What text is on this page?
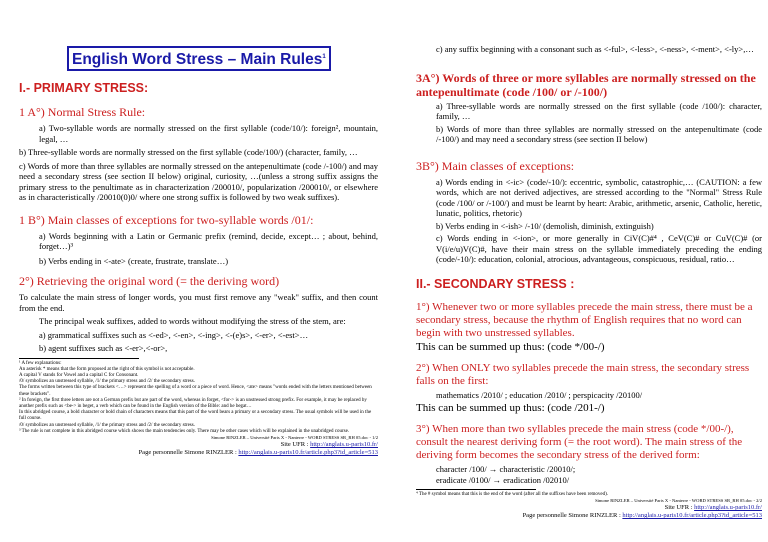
English Word Stress – Main Rules$^1$
I.- PRIMARY STRESS:
1 A°) Normal Stress Rule:

a) Two-syllable words are normally stressed on the first syllable (code/10/): foreign², mountain, legal, …

b) Three-syllable words are normally stressed on the first syllable (code/100/) (character, family, …

c) Words of more than three syllables are normally stressed on the antepenultimate (code /-100/) and may need a secondary stress (see section II below) original, curiosity, …(unless a strong suffix assigns the primary stress to the penultimate as in characterization /200010/, popularization /200010/, or elsewhere as in characteristically /20010(0)0/ where one strong suffix is followed by two weak suffixes).

1 B°) Main classes of exceptions for two-syllable words /01/:

a) Words beginning with a Latin or Germanic prefix (remind, decide, except… ; about, behind, forget…)³

b) Verbs ending in <-ate> (create, frustrate, translate…)

2°) Retrieving the original word (= the deriving word)

To calculate the main stress of longer words, you must first remove any "weak" suffix, and then count from the end.

The principal weak suffixes, added to words without modifying the stress of the stem, are:

a) grammatical suffixes such as <-ed>, <-en>, <-ing>, <-(e)s>, <-er>, <-est>…

b) agent suffixes such as <-er>,<-or>,

¹ A few explanations:

An asterisk * means that the form proposed at the right of this symbol is not acceptable.

A capital V stands for Vowel and a capital C for Consonant.

/0/ symbolizes an unstressed syllable, /1/ the primary stress and /2/ the secondary stress.

The forms written between this type of brackets <…> represent the spelling of a word or a piece of word. Hence, <ate> means "words ended with the letters mentioned between these brackets".

² In foreign, the first three letters are not a German prefix but are part of the word, whereas in forget, <for-> is an unstressed strong prefix. For example, it may be replaced by another prefix such as <be-> in beget, a verb which can be found in the English version of the Bible: and he begat…

In this abridged course, a bold character or bold chain of characters means that this part of the word bears a primary or a secondary stress. The usual symbols will be used in the full course.

/0/ symbolizes an unstressed syllable, /1/ the primary stress and /2/ the secondary stress.

³ The rule is not complete in this abridged course which shows the main tendencies only. There may be other cases which will be explained in the unabridged course.

Simone RINZLER – Université Paris X - Nanterre - WORD STRESS SR_RH 05.doc - 1/2
Site UFR : http://anglais.u-paris10.fr/
Page personnelle Simone RINZLER : http://anglais.u-paris10.fr/article.php3?id_article=513

c) any suffix beginning with a consonant such as <-ful>, <-less>, <-ness>, <-ment>, <-ly>,…

3A°) Words of three or more syllables are normally stressed on the antepenultimate (code /100/ or /-100/)

a) Three-syllable words are normally stressed on the first syllable (code /100/): character, family, …

b) Words of more than three syllables are normally stressed on the antepenultimate (code /-100/) and may need a secondary stress (see section II below)

3B°) Main classes of exceptions:

a) Words ending in <-ic> (code/-10/): eccentric, symbolic, catastrophic,… (CAUTION: a few words, which are not derived adjectives, are stressed according to the "Normal" Stress Rule (code /100/ or /-100/) and must be learnt by heart: Arabic, arithmetic, arsenic, Catholic, heretic, lunatic, politics, rhetoric)

b) Verbs ending in <-ish> /-10/ (demolish, diminish, extinguish)

c) Words ending in <-ion>, or more generally in CiV(C)#⁴ , CeV(C)# or CuV(C)# (or V(i/e/u)V(C)#, have their main stress on the syllable immediately preceding the ending (code/-10/): education, colonial, atrocious, advantageous, conspicuous, residual, ratio…

II.- SECONDARY STRESS :

1°) Whenever two or more syllables precede the main stress, there must be a secondary stress, because the rhythm of English requires that no word can begin with two unstressed syllables.

This can be summed up thus: (code */00-/)

2°) When ONLY two syllables precede the main stress, the secondary stress falls on the first:

mathematics /2010/ ; education /2010/ ; perspicacity /20100/

This can be summed up thus: (code /201-/)

3°) When more than two syllables precede the main stress (code */00-/), consult the nearest deriving form (= the root word). The main stress of the deriving form becomes the secondary stress of the derived form:

character /100/ → characteristic /20010/;

eradicate /0100/ → eradication /02010/

⁴ The # symbol means that this is the end of the word (after all the suffixes have been removed).

Simone RINZLER – Université Paris X - Nanterre - WORD STRESS SR_RH 05.doc - 2/2
Site UFR : http://anglais.u-paris10.fr/
Page personnelle Simone RINZLER : http://anglais.u-paris10.fr/article.php3?id_article=513
